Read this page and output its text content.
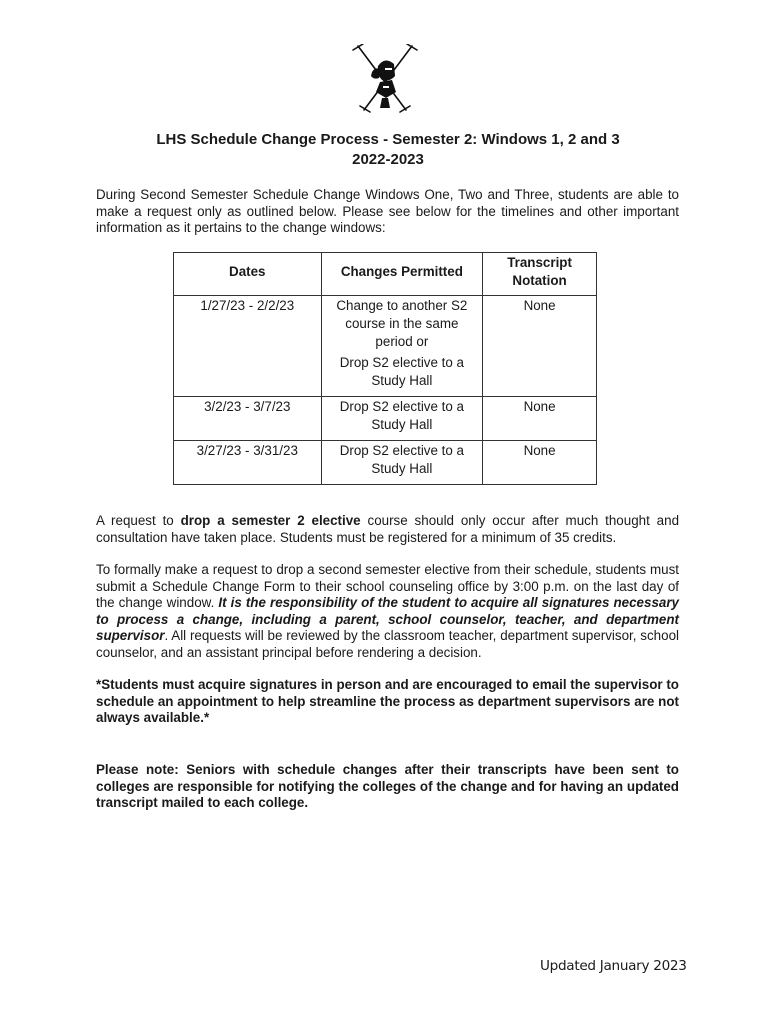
LHS Schedule Change Process - Semester 2: Windows 1, 2 and 3
2022-2023

During Second Semester Schedule Change Windows One, Two and Three, students are able to make a request only as outlined below. Please see below for the timelines and other important information as it pertains to the change windows:

Dates	Changes Permitted	Transcript Notation
1/27/23 - 2/2/23	Change to another S2
course in the same
period or
Drop S2 elective to a
Study Hall	None
3/2/23 - 3/7/23	Drop S2 elective to a
Study Hall	None
3/27/23 - 3/31/23	Drop S2 elective to a
Study Hall	None

A request to drop a semester 2 elective course should only occur after much thought and consultation have taken place. Students must be registered for a minimum of 35 credits.

To formally make a request to drop a second semester elective from their schedule, students must submit a Schedule Change Form to their school counseling office by 3:00 p.m. on the last day of the change window. It is the responsibility of the student to acquire all signatures necessary to process a change, including a parent, school counselor, teacher, and department supervisor. All requests will be reviewed by the classroom teacher, department supervisor, school counselor, and an assistant principal before rendering a decision.

*Students must acquire signatures in person and are encouraged to email the supervisor to schedule an appointment to help streamline the process as department supervisors are not always available.*

Please note: Seniors with schedule changes after their transcripts have been sent to colleges are responsible for notifying the colleges of the change and for having an updated transcript mailed to each college.

Updated January 2023
